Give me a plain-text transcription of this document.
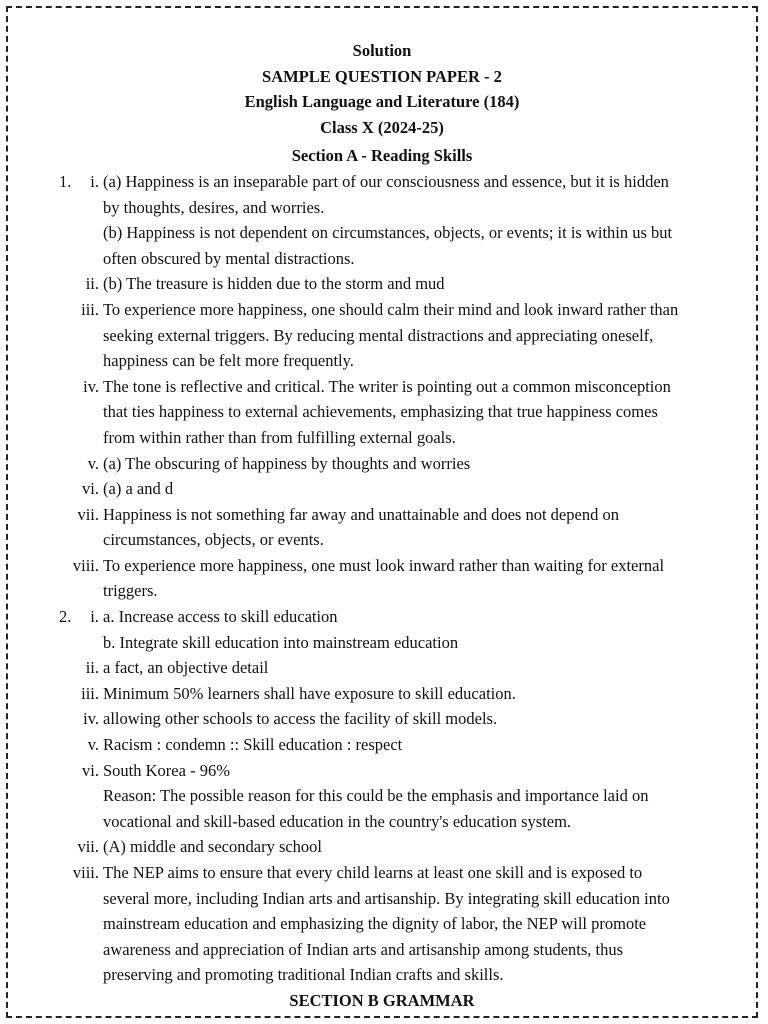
Solution
SAMPLE QUESTION PAPER - 2
English Language and Literature (184)
Class X (2024-25)
Section A - Reading Skills
1.	i. (a) Happiness is an inseparable part of our consciousness and essence, but it is hidden
by thoughts, desires, and worries.
(b) Happiness is not dependent on circumstances, objects, or events; it is within us but
often obscured by mental distractions.
ii. (b) The treasure is hidden due to the storm and mud
iii. To experience more happiness, one should calm their mind and look inward rather than
seeking external triggers. By reducing mental distractions and appreciating oneself,
happiness can be felt more frequently.
iv. The tone is reflective and critical. The writer is pointing out a common misconception
that ties happiness to external achievements, emphasizing that true happiness comes
from within rather than from fulfilling external goals.
v. (a) The obscuring of happiness by thoughts and worries
vi. (a) a and d
vii. Happiness is not something far away and unattainable and does not depend on
circumstances, objects, or events.
viii. To experience more happiness, one must look inward rather than waiting for external
triggers.
2.	i. a. Increase access to skill education
b. Integrate skill education into mainstream education
ii. a fact, an objective detail
iii. Minimum 50% learners shall have exposure to skill education.
iv. allowing other schools to access the facility of skill models.
v. Racism : condemn :: Skill education : respect
vi. South Korea - 96%
Reason: The possible reason for this could be the emphasis and importance laid on
vocational and skill-based education in the country's education system.
vii. (A) middle and secondary school
viii. The NEP aims to ensure that every child learns at least one skill and is exposed to
several more, including Indian arts and artisanship. By integrating skill education into
mainstream education and emphasizing the dignity of labor, the NEP will promote
awareness and appreciation of Indian arts and artisanship among students, thus
preserving and promoting traditional Indian crafts and skills.
SECTION B GRAMMAR
